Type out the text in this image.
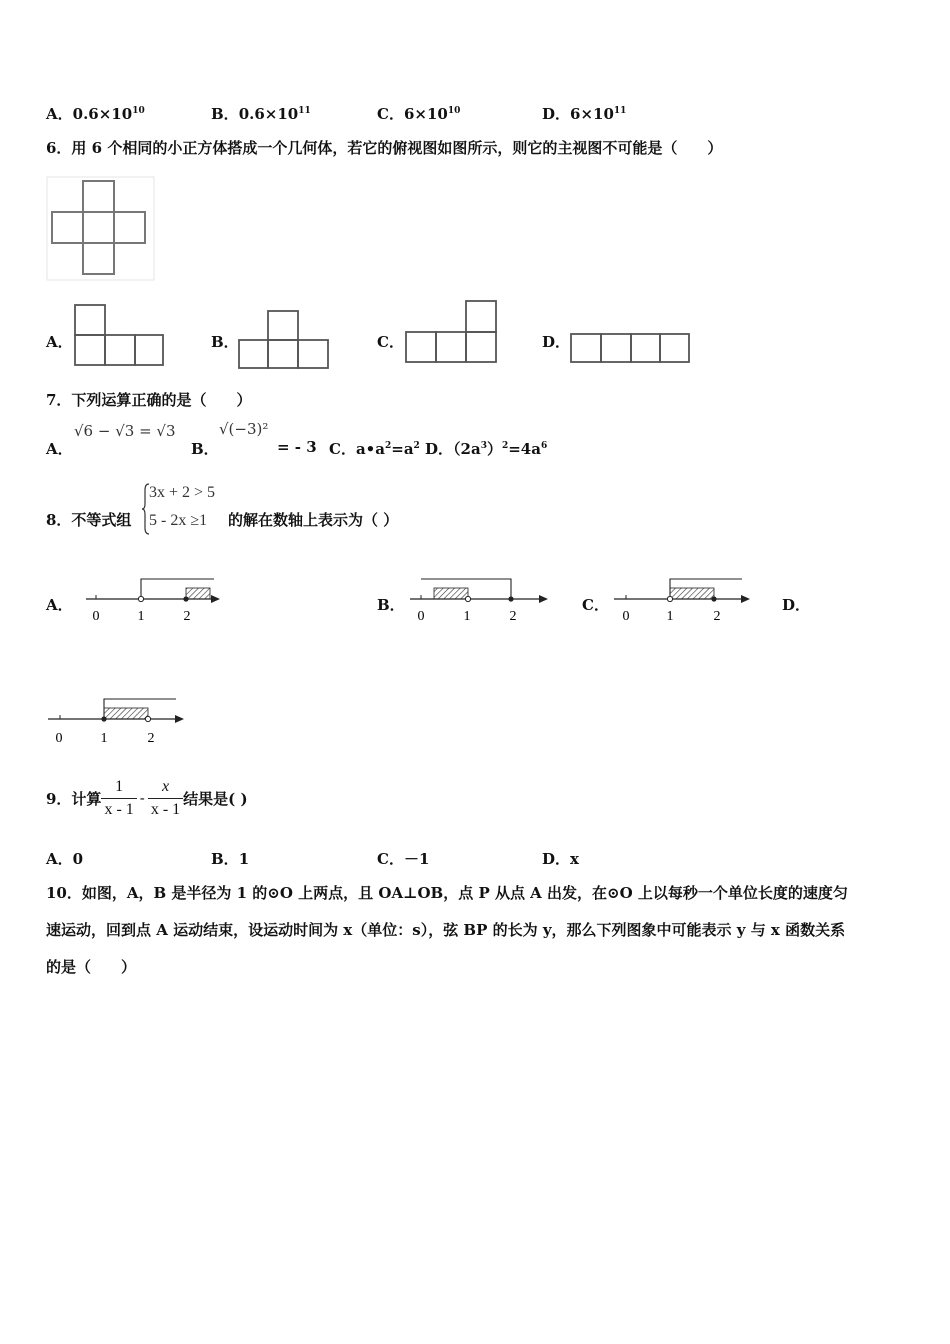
A．$0.6\times 10^{10}$	B．$0.6\times 10^{11}$	C．$6\times 10^{10}$	D．$6\times 10^{11}$
6．用 6 个相同的小正方体搭成一个几何体，若它的俯视图如图所示，则它的主视图不可能是（　　）
A．	B．	C．	D．
7．下列运算正确的是（　　）
A．
√6 − √3 = √3
B．
√(−3)²
= - 3 C．$a•a^2=a^2$ D．$(2a^3)^2=4a^6$
8．不等式组
3x + 2 > 5
5 - 2x ≥1 的解在数轴上表示为（ ）
A．
0	1	2
B．
0	1	2
C．
0	1	2
D．
0	1	2
9．计算 $\frac{1}{x - 1} - \frac{x}{x - 1}$ 结果是( )
A．0	B．1	C．－1	D．x
10．如图，A，B 是半径为 1 的⊙O 上两点，且 OA⊥OB，点 P 从点 A 出发，在⊙O 上以每秒一个单位长度的速度匀
速运动，回到点 A 运动结束，设运动时间为 x（单位：s），弦 BP 的长为 y，那么下列图象中可能表示 y 与 x 函数关系
的是（　　）
